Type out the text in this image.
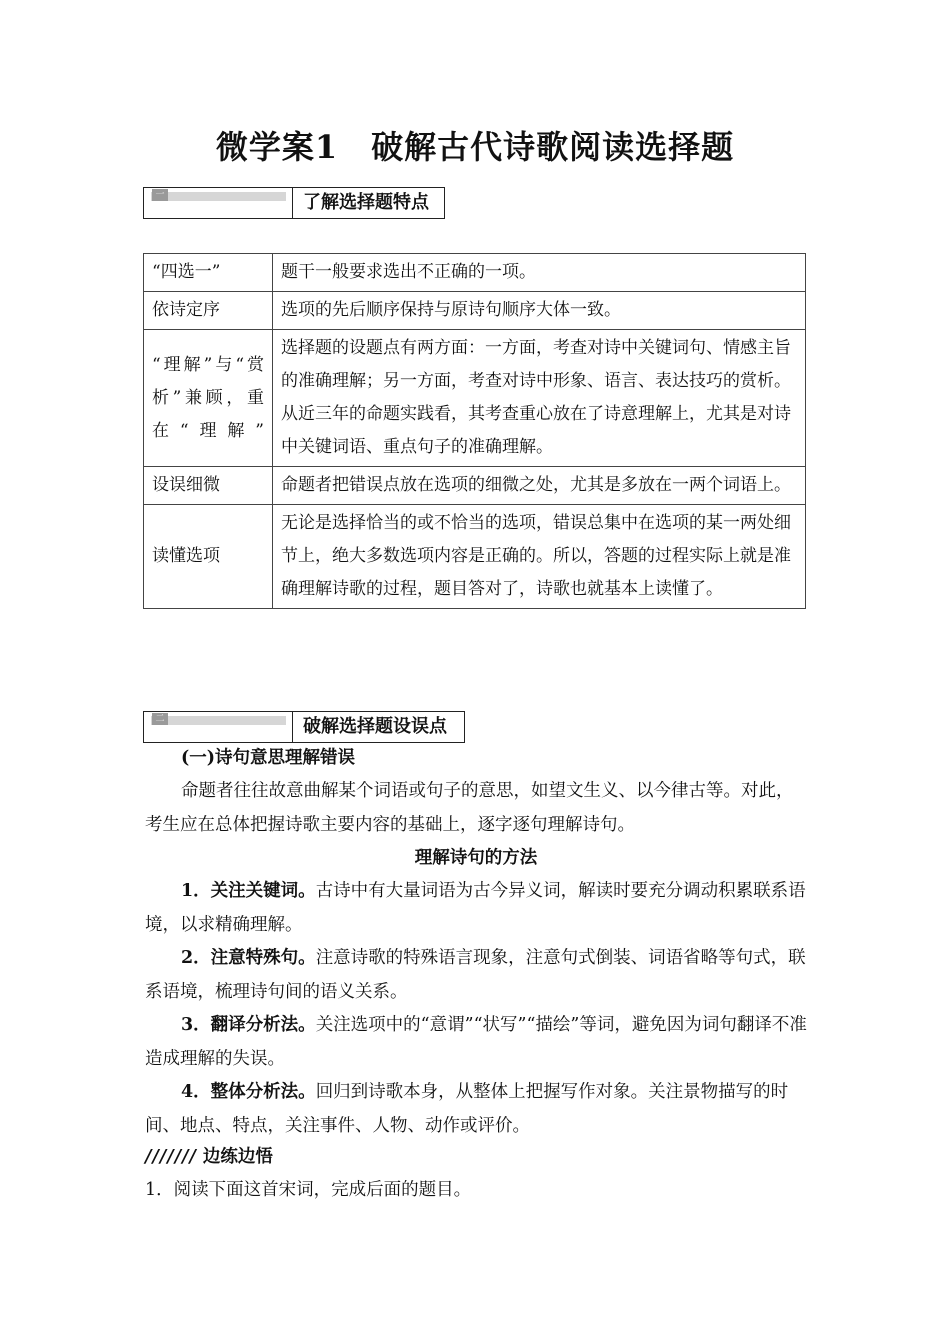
微学案1　破解古代诗歌阅读选择题
一	了解选择题特点
“四选一”	题干一般要求选出不正确的一项。
依诗定序	选项的先后顺序保持与原诗句顺序大体一致。
“理解”与“赏析”兼顾，重在“理解”	选择题的设题点有两方面：一方面，考查对诗中关键词句、情感主旨的准确理解；另一方面，考查对诗中形象、语言、表达技巧的赏析。从近三年的命题实践看，其考查重心放在了诗意理解上，尤其是对诗中关键词语、重点句子的准确理解。
设误细微	命题者把错误点放在选项的细微之处，尤其是多放在一两个词语上。
读懂选项	无论是选择恰当的或不恰当的选项，错误总集中在选项的某一两处细节上，绝大多数选项内容是正确的。所以，答题的过程实际上就是准确理解诗歌的过程，题目答对了，诗歌也就基本上读懂了。
二	破解选择题设误点
(一)诗句意思理解错误
命题者往往故意曲解某个词语或句子的意思，如望文生义、以今律古等。对此，考生应在总体把握诗歌主要内容的基础上，逐字逐句理解诗句。
理解诗句的方法
1．关注关键词。古诗中有大量词语为古今异义词，解读时要充分调动积累联系语境，以求精确理解。
2．注意特殊句。注意诗歌的特殊语言现象，注意句式倒装、词语省略等句式，联系语境，梳理诗句间的语义关系。
3．翻译分析法。关注选项中的“意谓”“状写”“描绘”等词，避免因为词句翻译不准造成理解的失误。
4．整体分析法。回归到诗歌本身，从整体上把握写作对象。关注景物描写的时间、地点、特点，关注事件、人物、动作或评价。
/////// 边练边悟
1．阅读下面这首宋词，完成后面的题目。
